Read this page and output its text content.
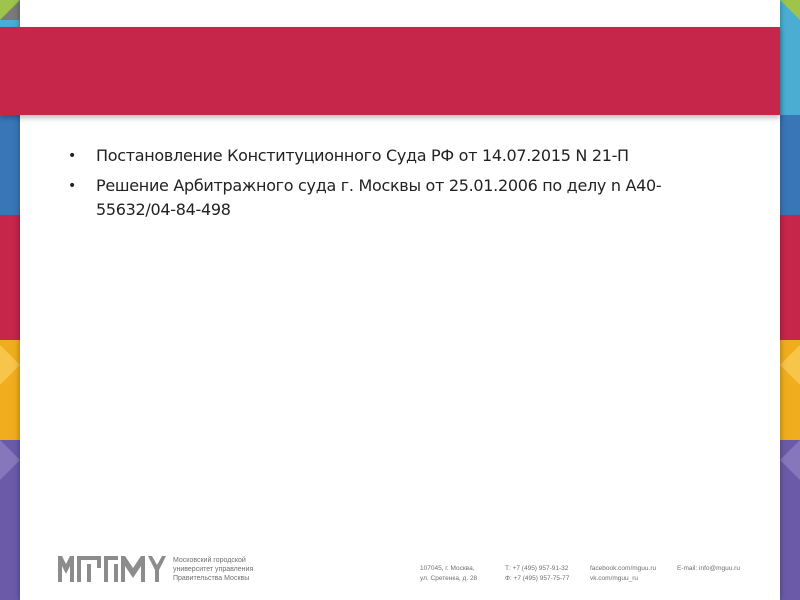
• Постановление Конституционного Суда РФ от 14.07.2015 N 21-П
• Решение Арбитражного суда г. Москвы от 25.01.2006 по делу n А40-55632/04-84-498
Московский городской
университет управления
Правительства Москвы
107045, г. Москва,
ул. Сретенка, д. 28
Т: +7 (495) 957-91-32
Ф: +7 (495) 957-75-77
facebook.com/mguu.ru
vk.com/mguu_ru
E-mail: info@mguu.ru
